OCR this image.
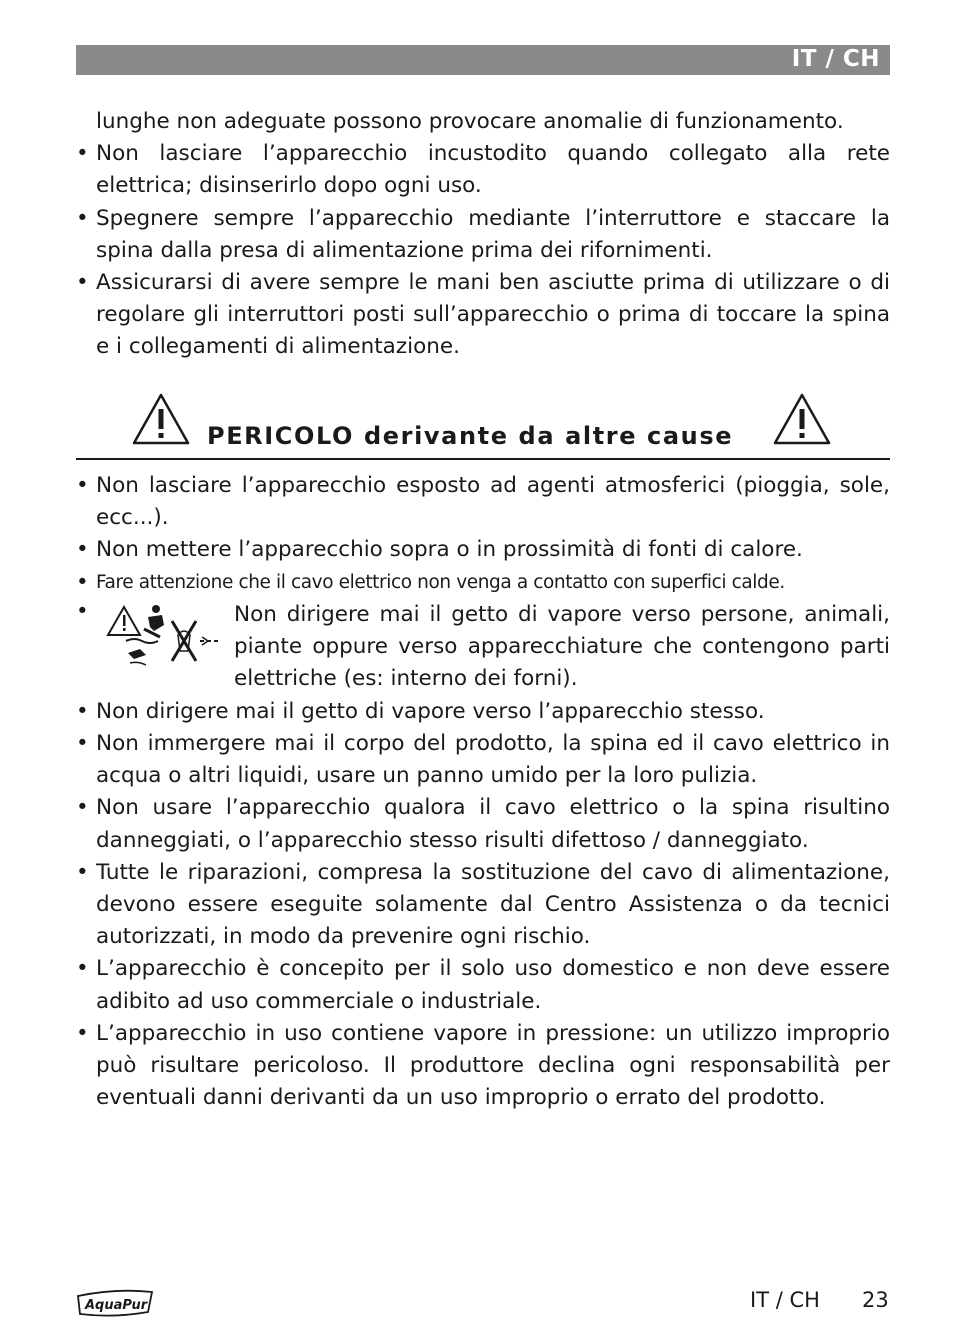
IT / CH

lunghe non adeguate possono provocare anomalie di funzionamento.

• Non lasciare l’apparecchio incustodito quando collegato alla rete elettrica; disinserirlo dopo ogni uso.
• Spegnere sempre l’apparecchio mediante l’interruttore e staccare la spina dalla presa di alimentazione prima dei rifornimenti.
• Assicurarsi di avere sempre le mani ben asciutte prima di utilizzare o di regolare gli interruttori posti sull’apparecchio o prima di toccare la spina e i collegamenti di alimentazione.
PERICOLO derivante da altre cause
• Non lasciare l’apparecchio esposto ad agenti atmosferici (pioggia, sole, ecc...).
• Non mettere l’apparecchio sopra o in prossimità di fonti di calore.
• Fare attenzione che il cavo elettrico non venga a contatto con superfici calde.
•	Non dirigere mai il getto di vapore verso persone, animali, piante oppure verso apparecchiature che contengono parti elettriche (es: interno dei forni).
• Non dirigere mai il getto di vapore verso l’apparecchio stesso.
• Non immergere mai il corpo del prodotto, la spina ed il cavo elettrico in acqua o altri liquidi, usare un panno umido per la loro pulizia.
• Non usare l’apparecchio qualora il cavo elettrico o la spina risultino danneggiati, o l’apparecchio stesso risulti difettoso / danneggiato.
• Tutte le riparazioni, compresa la sostituzione del cavo di alimentazione, devono essere eseguite solamente dal Centro Assistenza o da tecnici autorizzati, in modo da prevenire ogni rischio.
• L’apparecchio è concepito per il solo uso domestico e non deve essere adibito ad uso commerciale o industriale.
• L’apparecchio in uso contiene vapore in pressione: un utilizzo improprio può risultare pericoloso. Il produttore declina ogni responsabilità per eventuali danni derivanti da un uso improprio o errato del prodotto.
AquaPur	IT / CH 23
